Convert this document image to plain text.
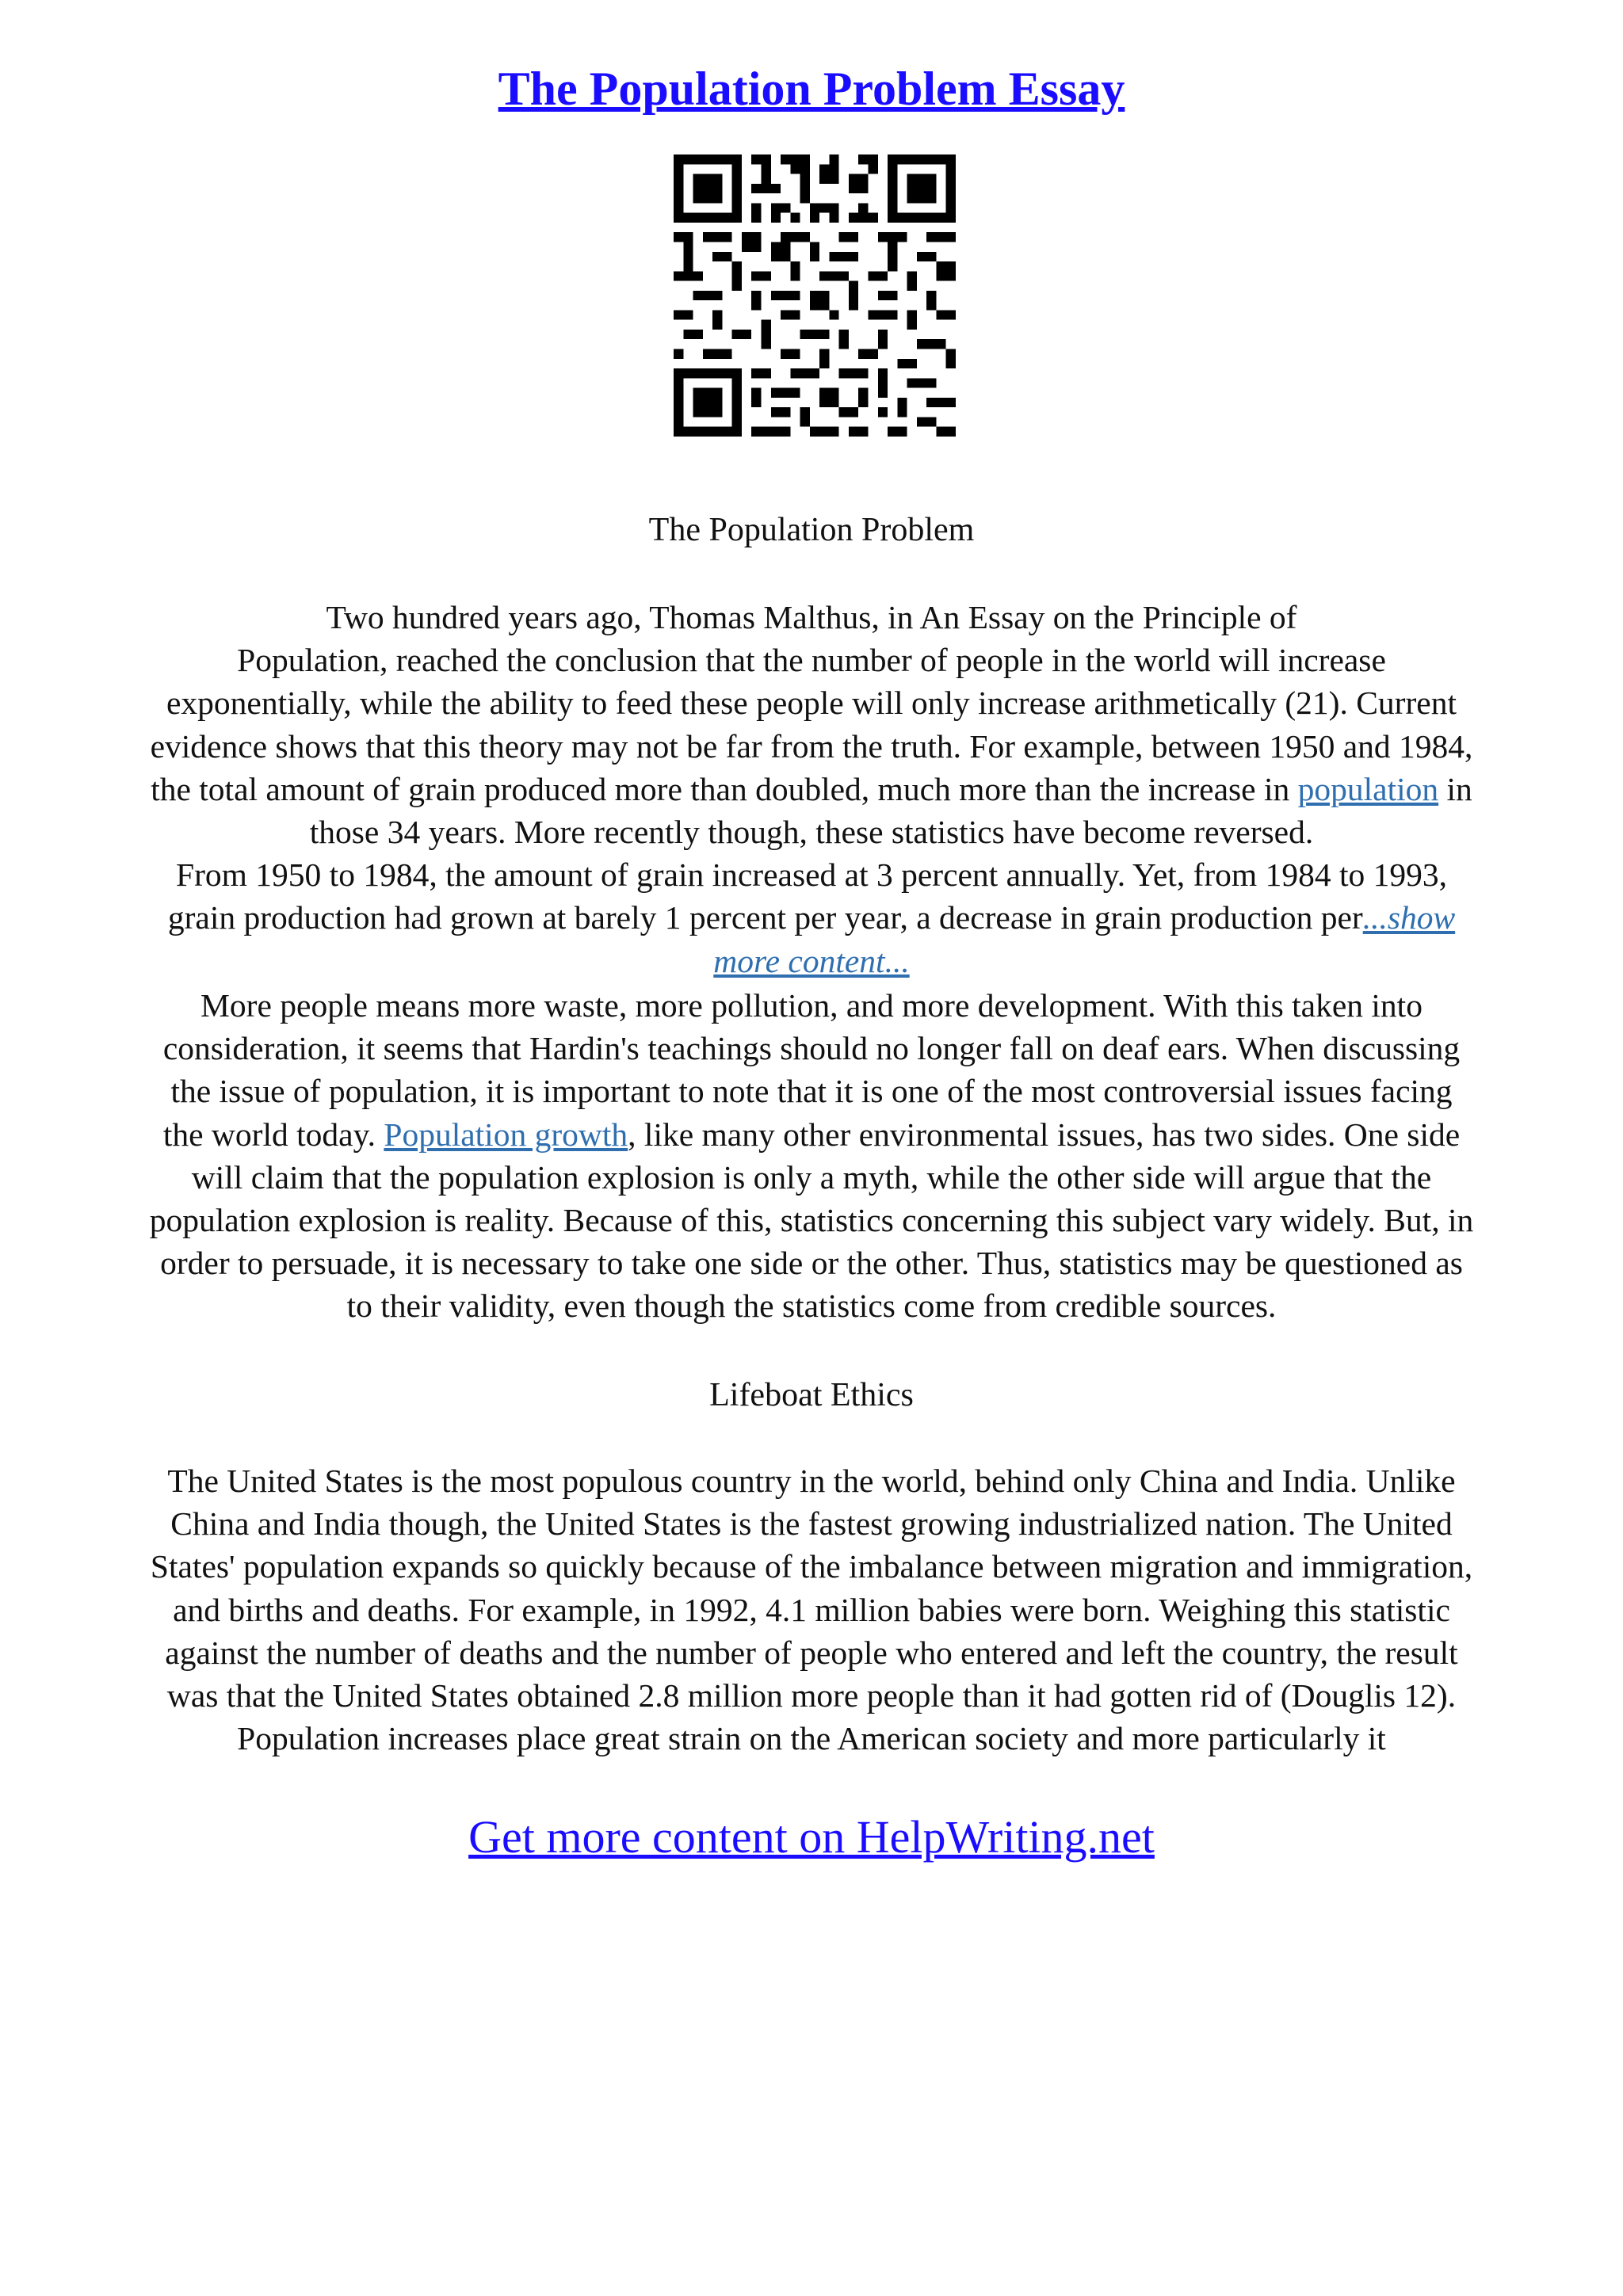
The Population Problem Essay
The Population Problem
Two hundred years ago, Thomas Malthus, in An Essay on the Principle of
Population, reached the conclusion that the number of people in the world will increase
exponentially, while the ability to feed these people will only increase arithmetically (21). Current
evidence shows that this theory may not be far from the truth. For example, between 1950 and 1984,
the total amount of grain produced more than doubled, much more than the increase in population in
those 34 years. More recently though, these statistics have become reversed.
From 1950 to 1984, the amount of grain increased at 3 percent annually. Yet, from 1984 to 1993,
grain production had grown at barely 1 percent per year, a decrease in grain production per...show
more content...
More people means more waste, more pollution, and more development. With this taken into
consideration, it seems that Hardin's teachings should no longer fall on deaf ears. When discussing
the issue of population, it is important to note that it is one of the most controversial issues facing
the world today. Population growth, like many other environmental issues, has two sides. One side
will claim that the population explosion is only a myth, while the other side will argue that the
population explosion is reality. Because of this, statistics concerning this subject vary widely. But, in
order to persuade, it is necessary to take one side or the other. Thus, statistics may be questioned as
to their validity, even though the statistics come from credible sources.
Lifeboat Ethics
The United States is the most populous country in the world, behind only China and India. Unlike
China and India though, the United States is the fastest growing industrialized nation. The United
States' population expands so quickly because of the imbalance between migration and immigration,
and births and deaths. For example, in 1992, 4.1 million babies were born. Weighing this statistic
against the number of deaths and the number of people who entered and left the country, the result
was that the United States obtained 2.8 million more people than it had gotten rid of (Douglis 12).
Population increases place great strain on the American society and more particularly it
Get more content on HelpWriting.net
